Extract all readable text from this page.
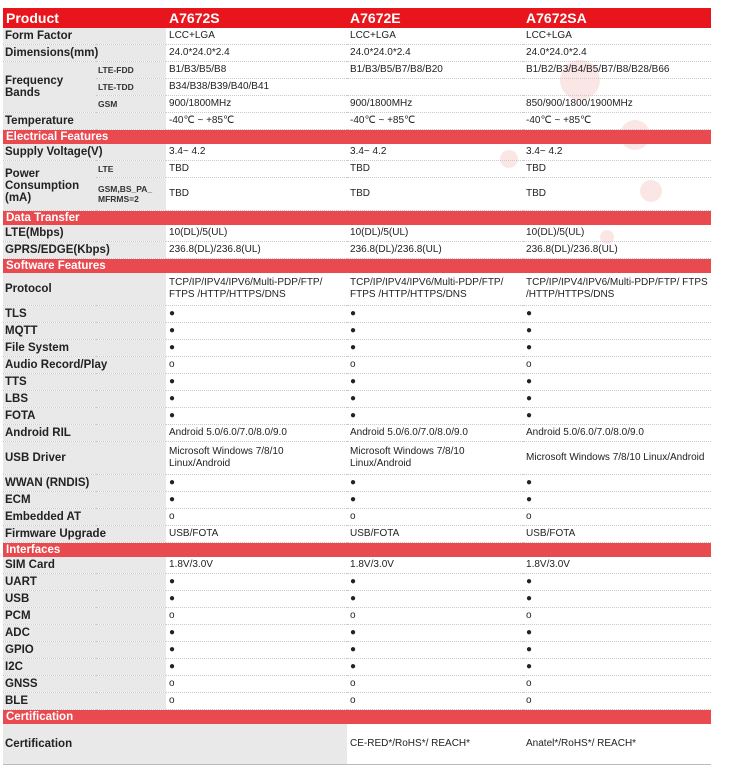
Product		A7672S	A7672E	A7672SA
Form Factor		LCC+LGA	LCC+LGA	LCC+LGA
Dimensions(mm)		24.0*24.0*2.4	24.0*24.0*2.4	24.0*24.0*2.4
Frequency Bands	LTE-FDD	B1/B3/B5/B8	B1/B3/B5/B7/B8/B20	B1/B2/B3/B4/B5/B7/B8/B28/B66
	LTE-TDD	B34/B38/B39/B40/B41		
	GSM	900/1800MHz	900/1800MHz	850/900/1800/1900MHz
Temperature		-40℃ ~ +85℃	-40℃ ~ +85℃	-40℃ ~ +85℃
Electrical Features				
Supply Voltage(V)		3.4~ 4.2	3.4~ 4.2	3.4~ 4.2
Power Consumption (mA)	LTE	TBD	TBD	TBD
	GSM,BS_PA_ MFRMS=2	TBD	TBD	TBD
Data Transfer				
LTE(Mbps)		10(DL)/5(UL)	10(DL)/5(UL)	10(DL)/5(UL)
GPRS/EDGE(Kbps)		236.8(DL)/236.8(UL)	236.8(DL)/236.8(UL)	236.8(DL)/236.8(UL)
Software Features				
Protocol		TCP/IP/IPV4/IPV6/Multi-PDP/FTP/ FTPS /HTTP/HTTPS/DNS	TCP/IP/IPV4/IPV6/Multi-PDP/FTP/ FTPS /HTTP/HTTPS/DNS	TCP/IP/IPV4/IPV6/Multi-PDP/FTP/ FTPS /HTTP/HTTPS/DNS
TLS		●	●	●
MQTT		●	●	●
File System		●	●	●
Audio Record/Play		o	o	o
TTS		●	●	●
LBS		●	●	●
FOTA		●	●	●
Android RIL		Android 5.0/6.0/7.0/8.0/9.0	Android 5.0/6.0/7.0/8.0/9.0	Android 5.0/6.0/7.0/8.0/9.0
USB Driver		Microsoft Windows 7/8/10 Linux/Android	Microsoft Windows 7/8/10 Linux/Android	Microsoft Windows 7/8/10 Linux/Android
WWAN (RNDIS)		●	●	●
ECM		●	●	●
Embedded AT		o	o	o
Firmware Upgrade		USB/FOTA	USB/FOTA	USB/FOTA
Interfaces				
SIM Card		1.8V/3.0V	1.8V/3.0V	1.8V/3.0V
UART		●	●	●
USB		●	●	●
PCM		o	o	o
ADC		●	●	●
GPIO		●	●	●
I2C		●	●	●
GNSS		o	o	o
BLE		o	o	o
Certification				
Certification			CE-RED*/RoHS*/ REACH*	Anatel*/RoHS*/ REACH*
